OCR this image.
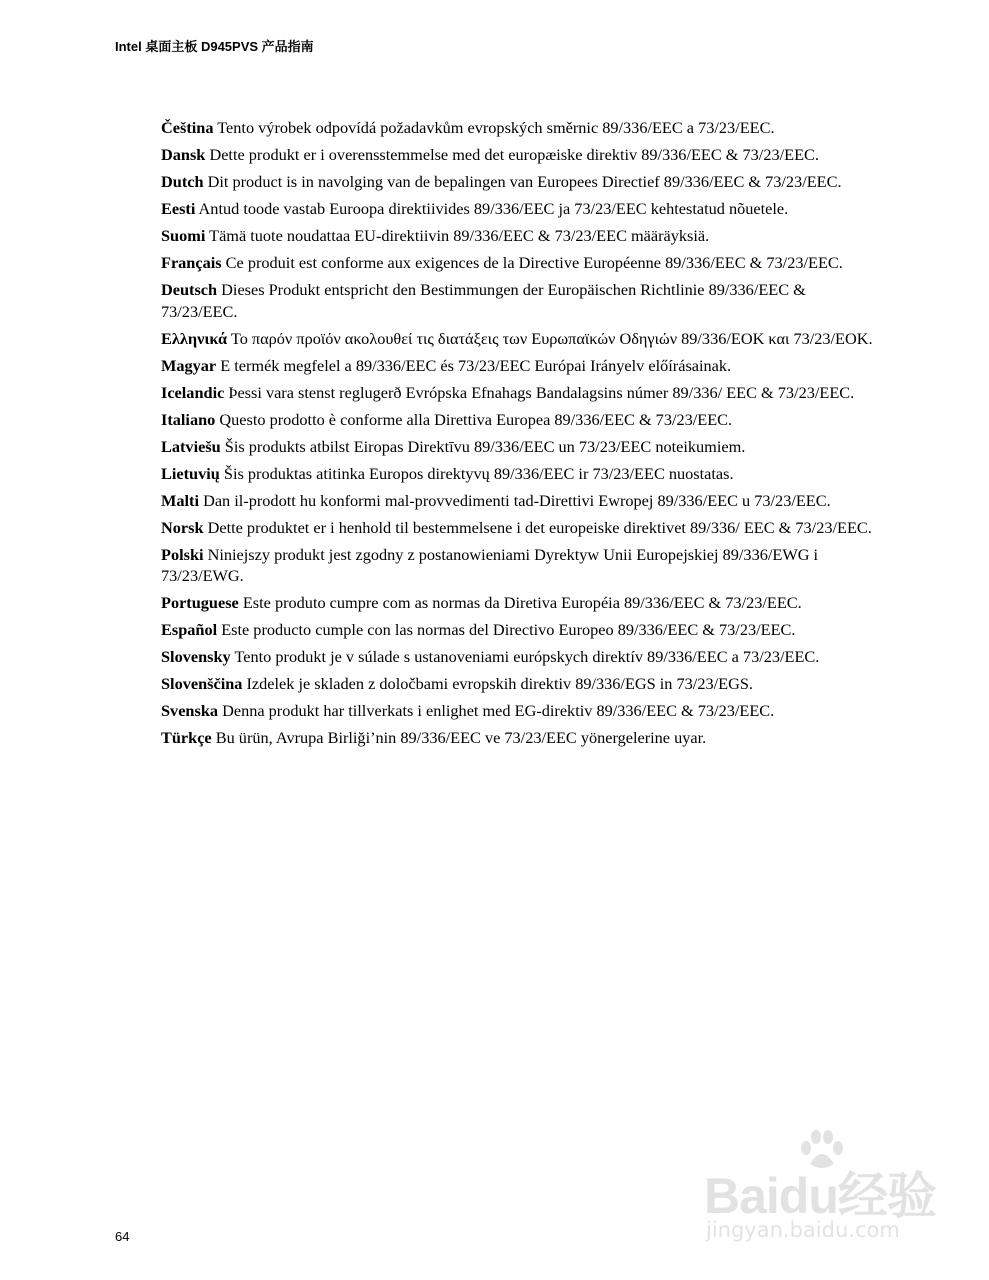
Intel 桌面主板 D945PVS 产品指南

Čeština Tento výrobek odpovídá požadavkům evropských směrnic 89/336/EEC a 73/23/EEC.

Dansk Dette produkt er i overensstemmelse med det europæiske direktiv 89/336/EEC & 73/23/EEC.

Dutch Dit product is in navolging van de bepalingen van Europees Directief 89/336/EEC & 73/23/EEC.

Eesti Antud toode vastab Euroopa direktiivides 89/336/EEC ja 73/23/EEC kehtestatud nõuetele.

Suomi Tämä tuote noudattaa EU-direktiivin 89/336/EEC & 73/23/EEC määräyksiä.

Français Ce produit est conforme aux exigences de la Directive Européenne 89/336/EEC & 73/23/EEC.

Deutsch Dieses Produkt entspricht den Bestimmungen der Europäischen Richtlinie 89/336/EEC & 73/23/EEC.

Ελληνικά Το παρόν προϊόν ακολουθεί τις διατάξεις των Ευρωπαϊκών Οδηγιών 89/336/ΕΟΚ και 73/23/ΕΟΚ.

Magyar E termék megfelel a 89/336/EEC és 73/23/EEC Európai Irányelv előírásainak.

Icelandic Þessi vara stenst reglugerð Evrópska Efnahags Bandalagsins númer 89/336/ EEC & 73/23/EEC.

Italiano Questo prodotto è conforme alla Direttiva Europea 89/336/EEC & 73/23/EEC.

Latviešu Šis produkts atbilst Eiropas Direktīvu 89/336/EEC un 73/23/EEC noteikumiem.

Lietuvių Šis produktas atitinka Europos direktyvų 89/336/EEC ir 73/23/EEC nuostatas.

Malti Dan il-prodott hu konformi mal-provvedimenti tad-Direttivi Ewropej 89/336/EEC u 73/23/EEC.

Norsk Dette produktet er i henhold til bestemmelsene i det europeiske direktivet 89/336/ EEC & 73/23/EEC.

Polski Niniejszy produkt jest zgodny z postanowieniami Dyrektyw Unii Europejskiej 89/336/EWG i 73/23/EWG.

Portuguese Este produto cumpre com as normas da Diretiva Européia 89/336/EEC & 73/23/EEC.

Español Este producto cumple con las normas del Directivo Europeo 89/336/EEC & 73/23/EEC.

Slovensky Tento produkt je v súlade s ustanoveniami európskych direktív 89/336/EEC a 73/23/EEC.

Slovenščina Izdelek je skladen z določbami evropskih direktiv 89/336/EGS in 73/23/EGS.

Svenska Denna produkt har tillverkats i enlighet med EG-direktiv 89/336/EEC & 73/23/EEC.

Türkçe Bu ürün, Avrupa Birliği’nin 89/336/EEC ve 73/23/EEC yönergelerine uyar.

64
Baidu经验
jingyan.baidu.com
